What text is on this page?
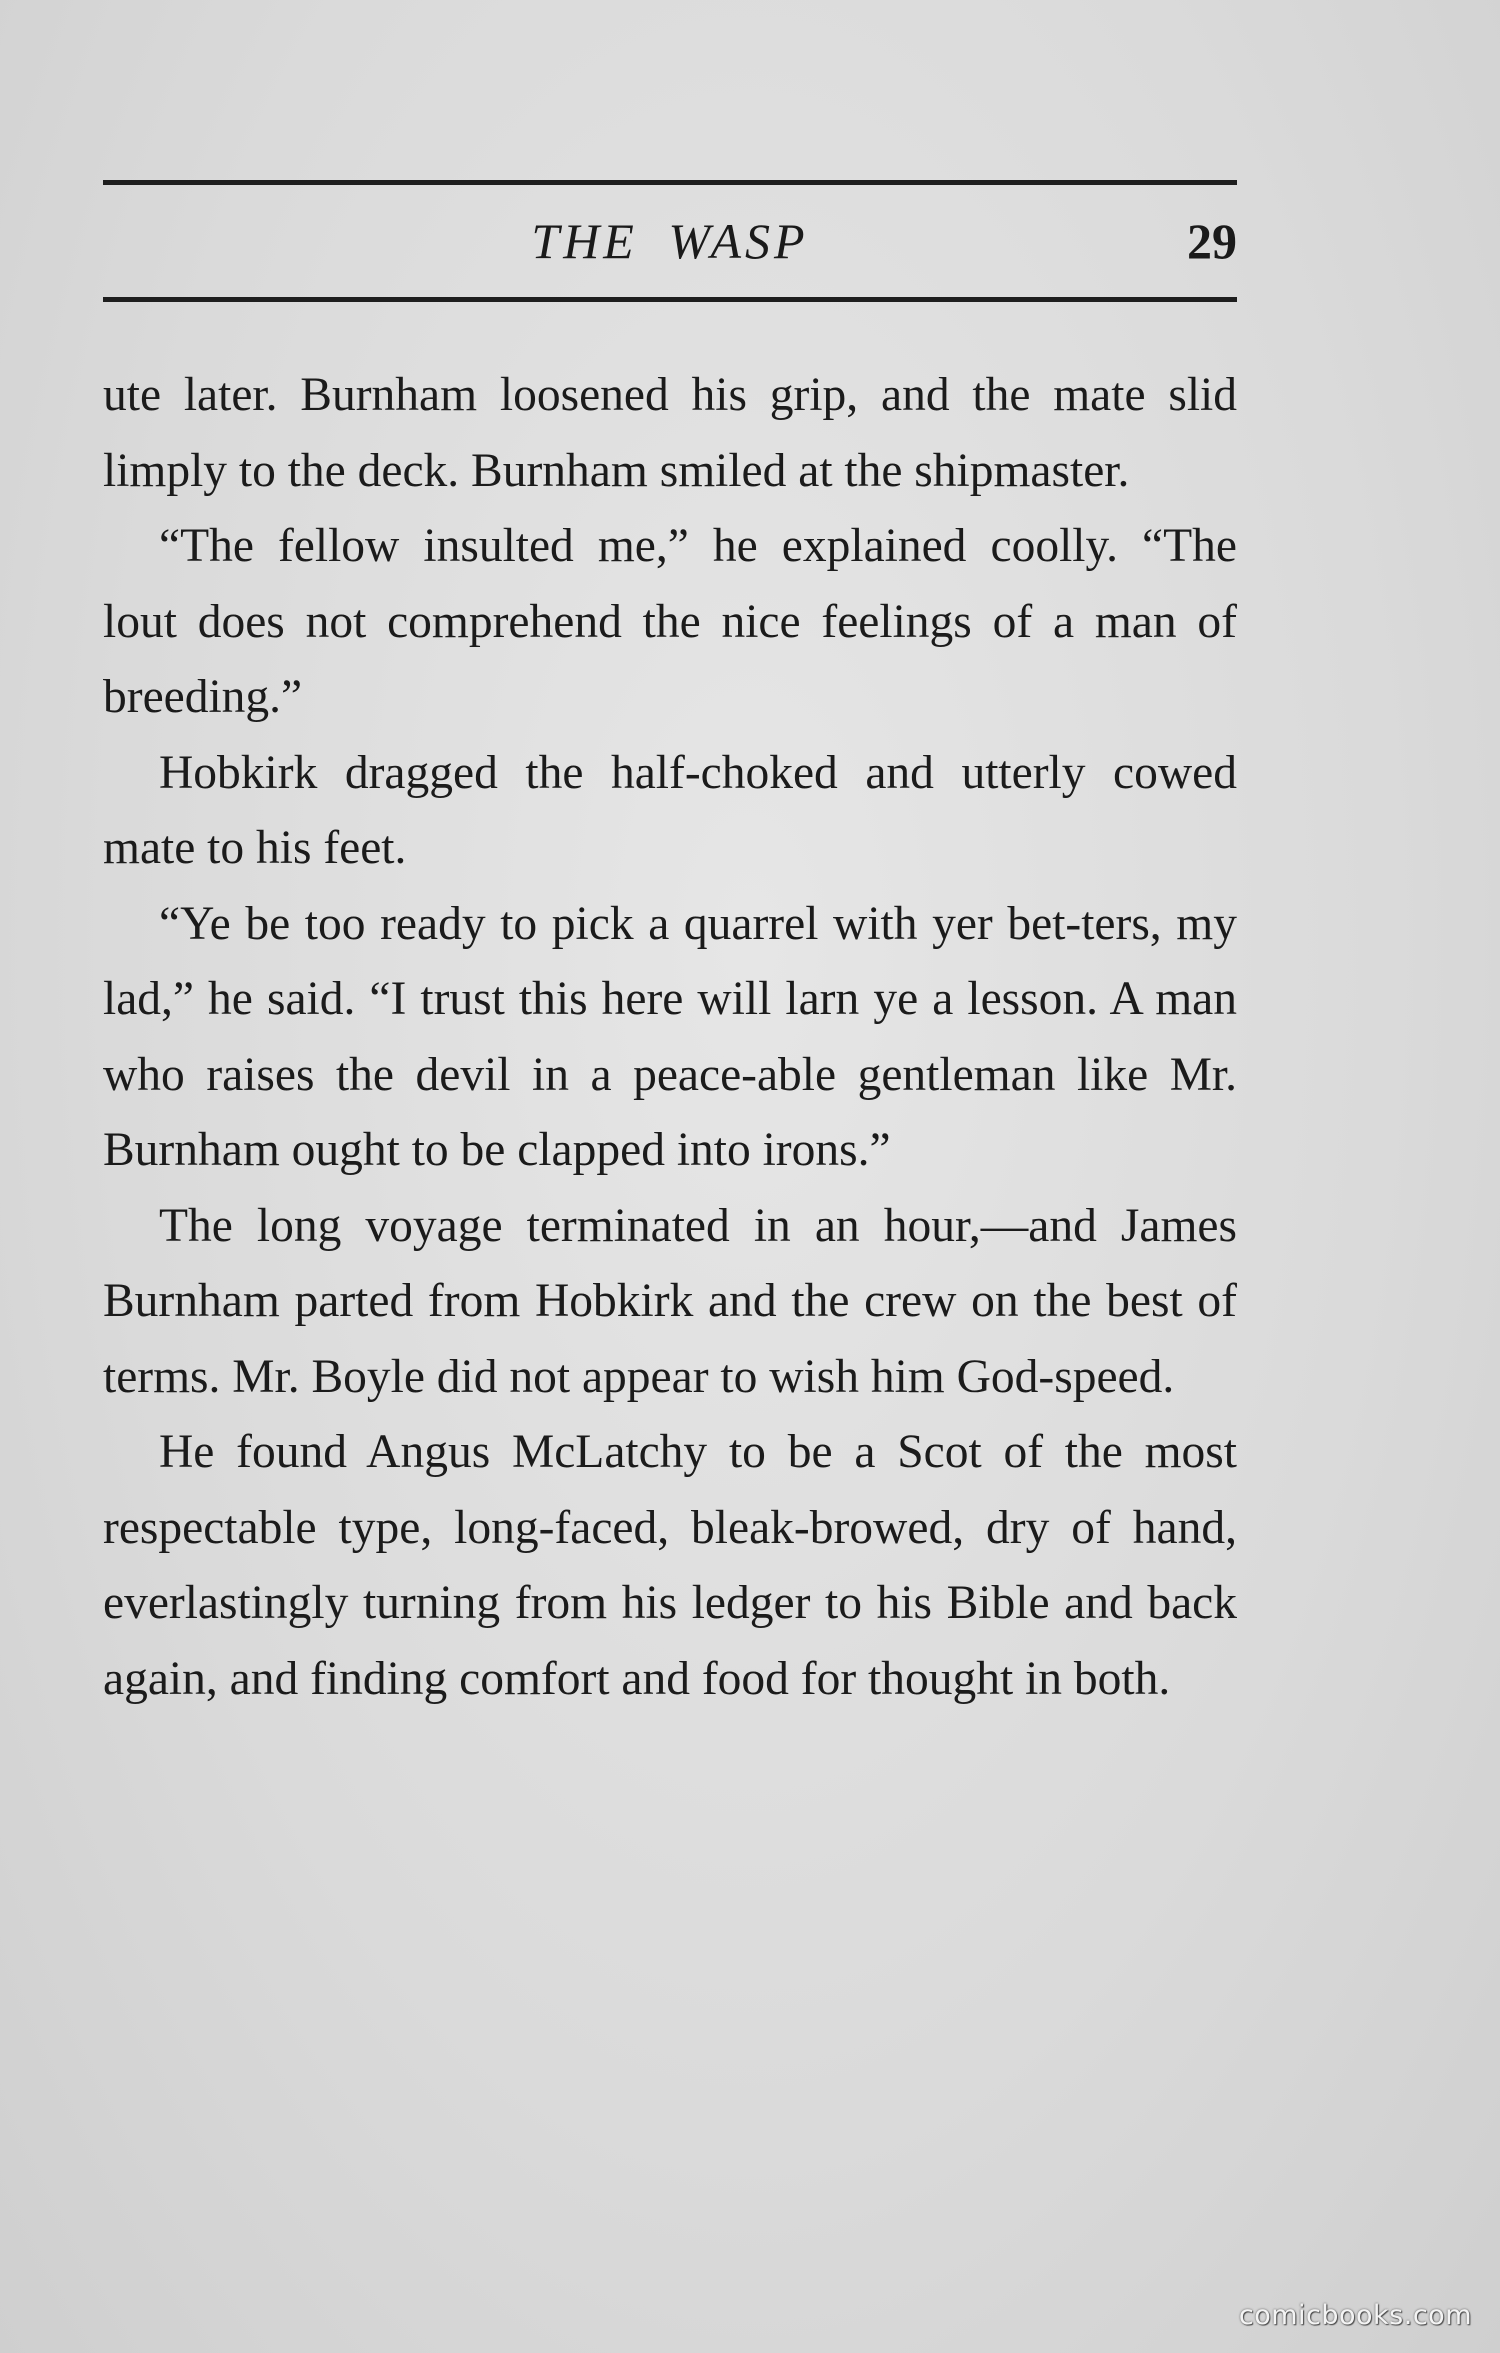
THE WASP	29

ute later. Burnham loosened his grip, and the mate slid limply to the deck. Burnham smiled at the shipmaster.

“The fellow insulted me,” he explained coolly. “The lout does not comprehend the nice feelings of a man of breeding.”

Hobkirk dragged the half-choked and utterly cowed mate to his feet.

“Ye be too ready to pick a quarrel with yer bet-ters, my lad,” he said. “I trust this here will larn ye a lesson. A man who raises the devil in a peace-able gentleman like Mr. Burnham ought to be clapped into irons.”

The long voyage terminated in an hour,—and James Burnham parted from Hobkirk and the crew on the best of terms. Mr. Boyle did not appear to wish him God-speed.

He found Angus McLatchy to be a Scot of the most respectable type, long-faced, bleak-browed, dry of hand, everlastingly turning from his ledger to his Bible and back again, and finding comfort and food for thought in both.

comicbooks.com
